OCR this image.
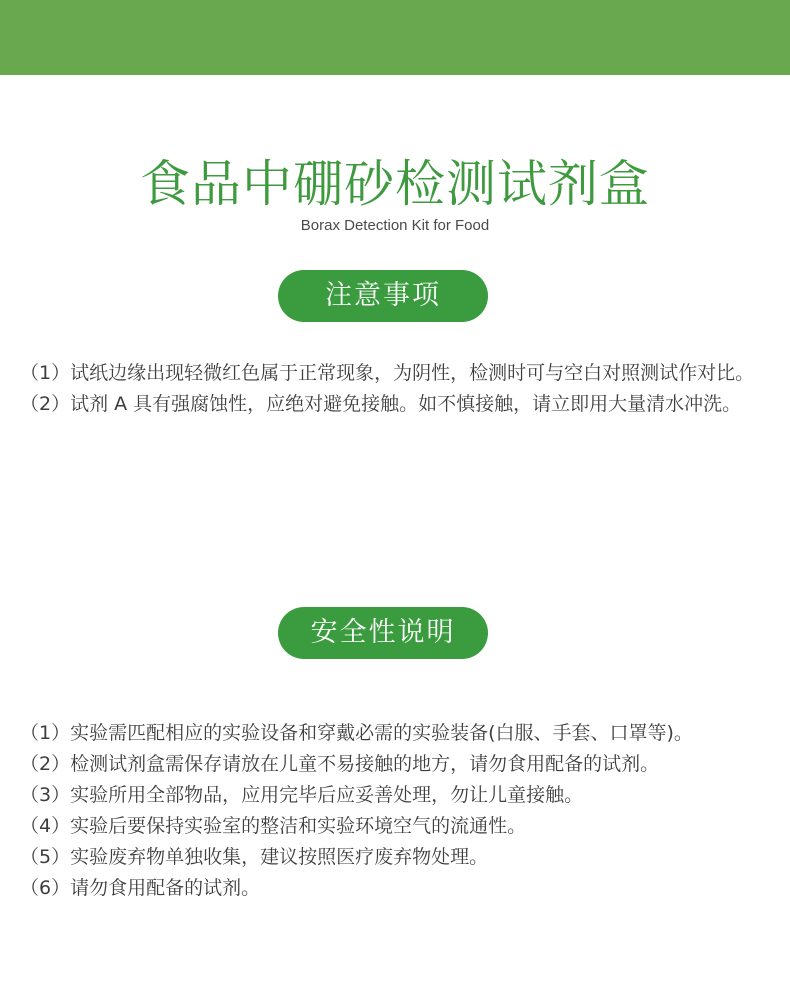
食品中硼砂检测试剂盒
Borax Detection Kit for Food
注意事项

（1）试纸边缘出现轻微红色属于正常现象，为阴性，检测时可与空白对照测试作对比。

（2）试剂 A 具有强腐蚀性，应绝对避免接触。如不慎接触，请立即用大量清水冲洗。

安全性说明

（1）实验需匹配相应的实验设备和穿戴必需的实验装备(白服、手套、口罩等)。

（2）检测试剂盒需保存请放在儿童不易接触的地方，请勿食用配备的试剂。

（3）实验所用全部物品，应用完毕后应妥善处理，勿让儿童接触。

（4）实验后要保持实验室的整洁和实验环境空气的流通性。

（5）实验废弃物单独收集，建议按照医疗废弃物处理。

（6）请勿食用配备的试剂。
